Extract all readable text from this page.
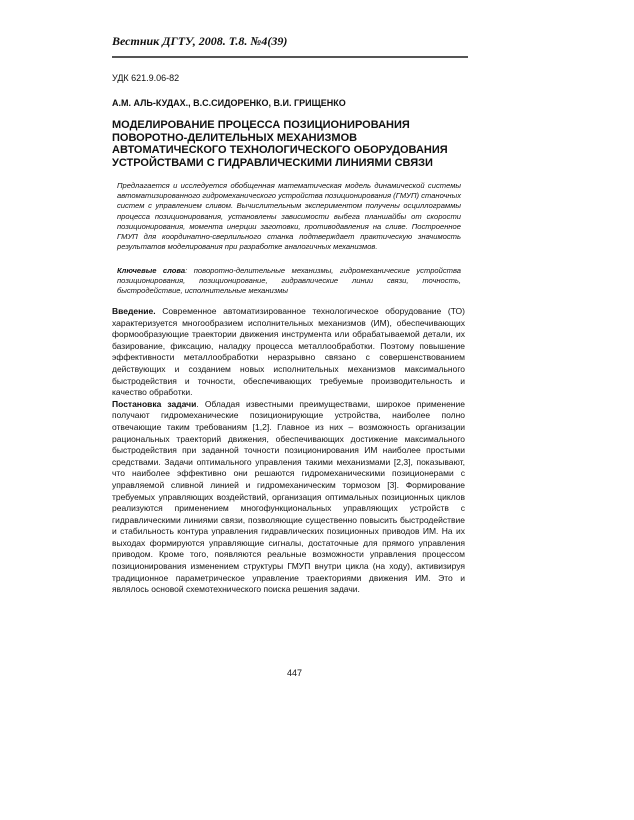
Вестник ДГТУ, 2008. Т.8. №4(39)
УДК 621.9.06-82
А.М. АЛЬ-КУДАХ., В.С.СИДОРЕНКО, В.И. ГРИЩЕНКО
МОДЕЛИРОВАНИЕ ПРОЦЕССА ПОЗИЦИОНИРОВАНИЯ
ПОВОРОТНО-ДЕЛИТЕЛЬНЫХ МЕХАНИЗМОВ
АВТОМАТИЧЕСКОГО ТЕХНОЛОГИЧЕСКОГО ОБОРУДОВАНИЯ
УСТРОЙСТВАМИ С ГИДРАВЛИЧЕСКИМИ ЛИНИЯМИ СВЯЗИ
Предлагается и исследуется обобщенная математическая модель динамической системы автоматизированного гидромеханического устройства позиционирования (ГМУП) станочных систем с управлением сливом. Вычислительным экспериментом получены осциллограммы процесса позиционирования, установлены зависимости выбега планшайбы от скорости позиционирования, момента инерции заготовки, противодавления на сливе. Построенное ГМУП для координатно-сверлильного станка подтверждает практическую значимость результатов моделирования при разработке аналогичных механизмов.
Ключевые слова: поворотно-делительные механизмы, гидромеханические устройства позиционирования, позиционирование, гидравлические линии связи, точность, быстродействие, исполнительные механизмы

Введение. Современное автоматизированное технологическое оборудование (ТО) характеризуется многообразием исполнительных механизмов (ИМ), обеспечивающих формообразующие траектории движения инструмента или обрабатываемой детали, их базирование, фиксацию, наладку процесса металлообработки. Поэтому повышение эффективности металлообработки неразрывно связано с совершенствованием действующих и созданием новых исполнительных механизмов максимального быстродействия и точности, обеспечивающих требуемые производительность и качество обработки.

Постановка задачи. Обладая известными преимуществами, широкое применение получают гидромеханические позиционирующие устройства, наиболее полно отвечающие таким требованиям [1,2]. Главное из них – возможность организации рациональных траекторий движения, обеспечивающих достижение максимального быстродействия при заданной точности позиционирования ИМ наиболее простыми средствами. Задачи оптимального управления такими механизмами [2,3], показывают, что наиболее эффективно они решаются гидромеханическими позиционерами с управляемой сливной линией и гидромеханическим тормозом [3]. Формирование требуемых управляющих воздействий, организация оптимальных позиционных циклов реализуются применением многофункциональных управляющих устройств с гидравлическими линиями связи, позволяющие существенно повысить быстродействие и стабильность контура управления гидравлических позиционных приводов ИМ. На их выходах формируются управляющие сигналы, достаточные для прямого управления приводом. Кроме того, появляются реальные возможности управления процессом позиционирования изменением структуры ГМУП внутри цикла (на ходу), активизируя традиционное параметрическое управление траекториями движения ИМ. Это и являлось основой схемотехнического поиска решения задачи.

447
